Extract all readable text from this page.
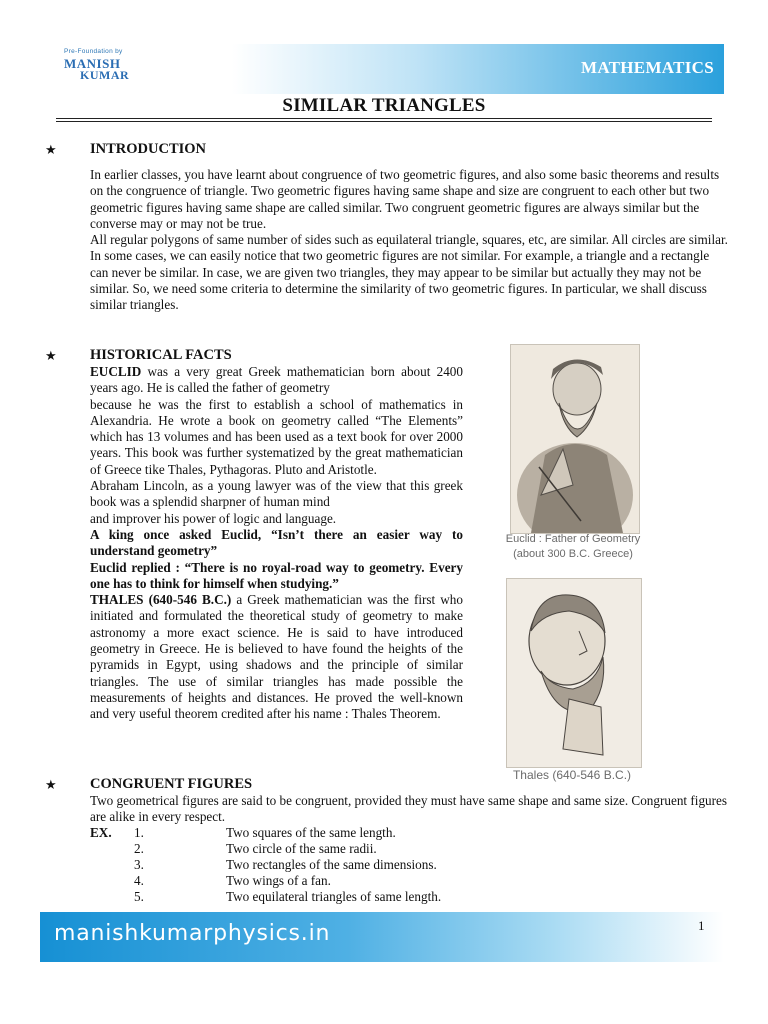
Pre-Foundation by
MANISH
KUMAR	MATHEMATICS
SIMILAR TRIANGLES
★ INTRODUCTION

In earlier classes, you have learnt about congruence of two geometric figures, and also some basic theorems and results on the congruence of triangle. Two geometric figures having same shape and size are congruent to each other but two geometric figures having same shape are called similar. Two congruent geometric figures are always similar but the converse may or may not be true.

All regular polygons of same number of sides such as equilateral triangle, squares, etc, are similar. All circles are similar.

In some cases, we can easily notice that two geometric figures are not similar. For example, a triangle and a rectangle can never be similar. In case, we are given two triangles, they may appear to be similar but actually they may not be similar. So, we need some criteria to determine the similarity of two geometric figures. In particular, we shall discuss similar triangles.

★ HISTORICAL FACTS

EUCLID was a very great Greek mathematician born about 2400 years ago. He is called the father of geometry

because he was the first to establish a school of mathematics in Alexandria. He wrote a book on geometry called “The Elements” which has 13 volumes and has been used as a text book for over 2000 years. This book was further systematized by the great mathematician of Greece tike Thales, Pythagoras. Pluto and Aristotle.

Abraham Lincoln, as a young lawyer was of the view that this greek book was a splendid sharpner of human mind

and improver his power of logic and language.

A king once asked Euclid, “Isn’t there an easier way to understand geometry”

Euclid replied : “There is no royal-road way to geometry. Every one has to think for himself when studying.”

THALES (640-546 B.C.) a Greek mathematician was the first who initiated and formulated the theoretical study of geometry to make astronomy a more exact science. He is said to have introduced geometry in Greece. He is believed to have found the heights of the pyramids in Egypt, using shadows and the principle of similar triangles. The use of similar triangles has made possible the measurements of heights and distances. He proved the well-known and very useful theorem credited after his name : Thales Theorem.

Euclid : Father of Geometry
(about 300 B.C. Greece)
Thales (640-546 B.C.)
★ CONGRUENT FIGURES
Two geometrical figures are said to be congruent, provided they must have same shape and same size. Congruent figures are alike in every respect.
EX. 1.	Two squares of the same length.
2.	Two circle of the same radii.
3.	Two rectangles of the same dimensions.
4.	Two wings of a fan.
5.	Two equilateral triangles of same length.
manishkumarphysics.in	1
